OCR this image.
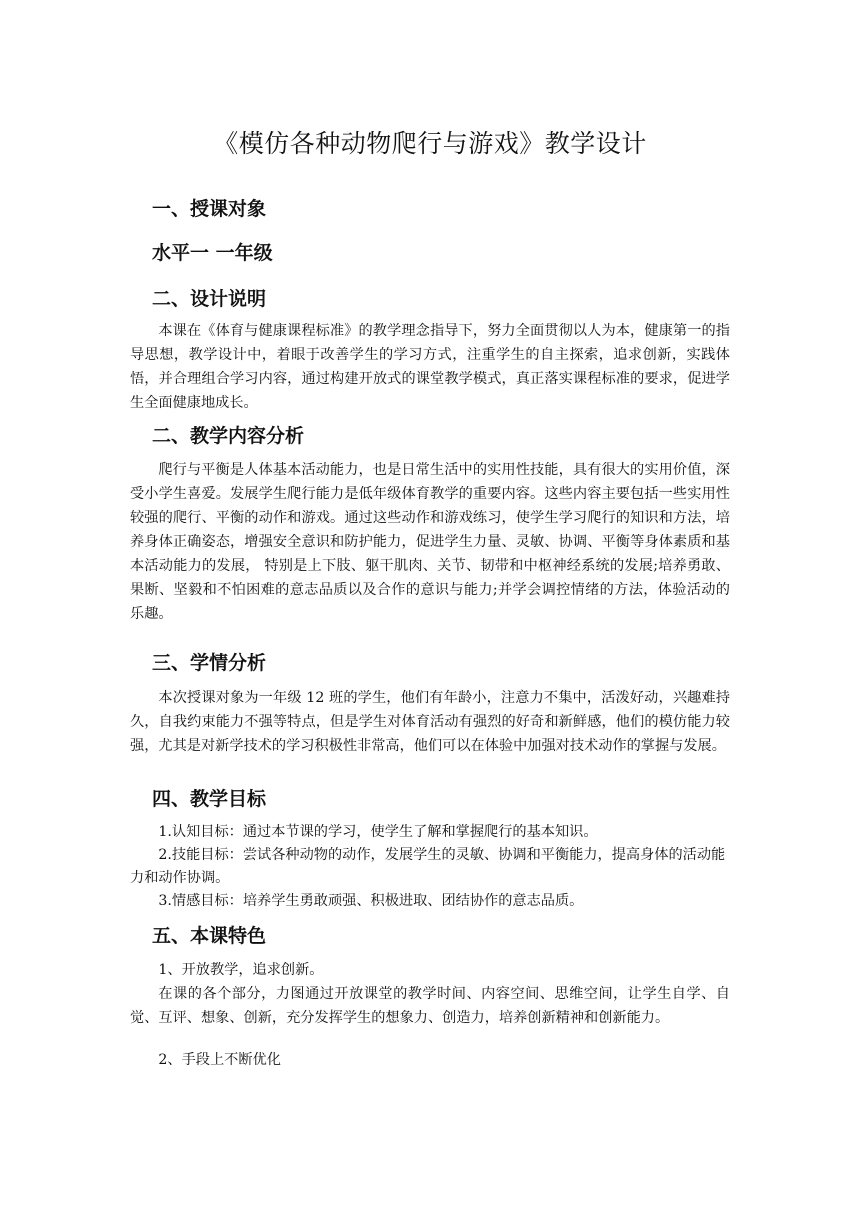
《模仿各种动物爬行与游戏》教学设计
一、授课对象
水平一 一年级
二、设计说明

本课在《体育与健康课程标准》的教学理念指导下，努力全面贯彻以人为本，健康第一的指导思想，教学设计中，着眼于改善学生的学习方式，注重学生的自主探索，追求创新，实践体悟，并合理组合学习内容，通过构建开放式的课堂教学模式，真正落实课程标准的要求，促进学生全面健康地成长。

二、教学内容分析

爬行与平衡是人体基本活动能力，也是日常生活中的实用性技能，具有很大的实用价值，深受小学生喜爱。发展学生爬行能力是低年级体育教学的重要内容。这些内容主要包括一些实用性较强的爬行、平衡的动作和游戏。通过这些动作和游戏练习，使学生学习爬行的知识和方法，培养身体正确姿态，增强安全意识和防护能力，促进学生力量、灵敏、协调、平衡等身体素质和基本活动能力的发展， 特别是上下肢、躯干肌肉、关节、韧带和中枢神经系统的发展;培养勇敢、果断、坚毅和不怕困难的意志品质以及合作的意识与能力;并学会调控情绪的方法，体验活动的乐趣。

三、学情分析

本次授课对象为一年级 12 班的学生，他们有年龄小，注意力不集中，活泼好动，兴趣难持久，自我约束能力不强等特点，但是学生对体育活动有强烈的好奇和新鲜感，他们的模仿能力较强，尤其是对新学技术的学习积极性非常高，他们可以在体验中加强对技术动作的掌握与发展。

四、教学目标

1.认知目标：通过本节课的学习，使学生了解和掌握爬行的基本知识。

2.技能目标：尝试各种动物的动作，发展学生的灵敏、协调和平衡能力，提高身体的活动能力和动作协调。

3.情感目标：培养学生勇敢顽强、积极进取、团结协作的意志品质。

五、本课特色

1、开放教学，追求创新。

在课的各个部分，力图通过开放课堂的教学时间、内容空间、思维空间，让学生自学、自觉、互评、想象、创新，充分发挥学生的想象力、创造力，培养创新精神和创新能力。

2、手段上不断优化
